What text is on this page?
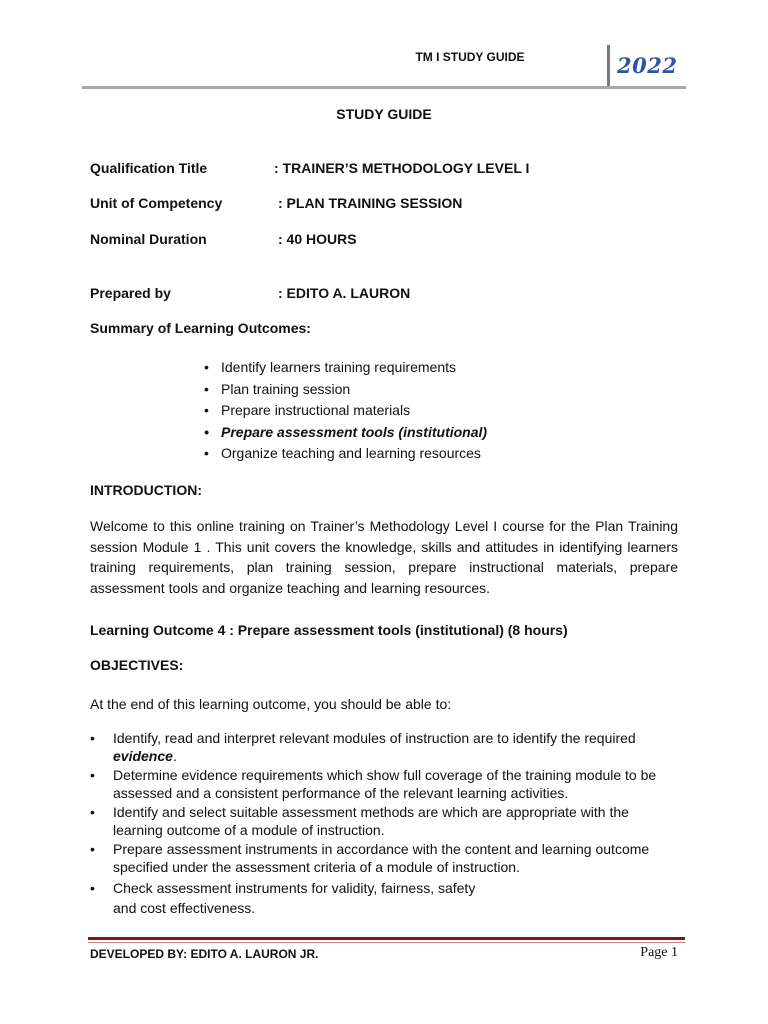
TM I STUDY GUIDE	2022
STUDY GUIDE
Qualification Title	: TRAINER’S METHODOLOGY LEVEL I
Unit of Competency	: PLAN TRAINING SESSION
Nominal Duration	: 40 HOURS
Prepared by	: EDITO A. LAURON
Summary of Learning Outcomes:
• Identify learners training requirements
• Plan training session
• Prepare instructional materials
• Prepare assessment tools (institutional)
• Organize teaching and learning resources
INTRODUCTION:
Welcome to this online training on Trainer’s Methodology Level I course for the Plan Training session Module 1 . This unit covers the knowledge, skills and attitudes in identifying learners training requirements, plan training session, prepare instructional materials, prepare assessment tools and organize teaching and learning resources.
Learning Outcome 4 : Prepare assessment tools (institutional) (8 hours)
OBJECTIVES:
At the end of this learning outcome, you should be able to:
• Identify, read and interpret relevant modules of instruction are to identify the required
evidence.
• Determine evidence requirements which show full coverage of the training module to be assessed and a consistent performance of the relevant learning activities.
• Identify and select suitable assessment methods are which are appropriate with the learning outcome of a module of instruction.
• Prepare assessment instruments in accordance with the content and learning outcome specified under the assessment criteria of a module of instruction.
• Check assessment instruments for validity, fairness, safety and cost effectiveness.
DEVELOPED BY: EDITO A. LAURON JR.	Page 1
